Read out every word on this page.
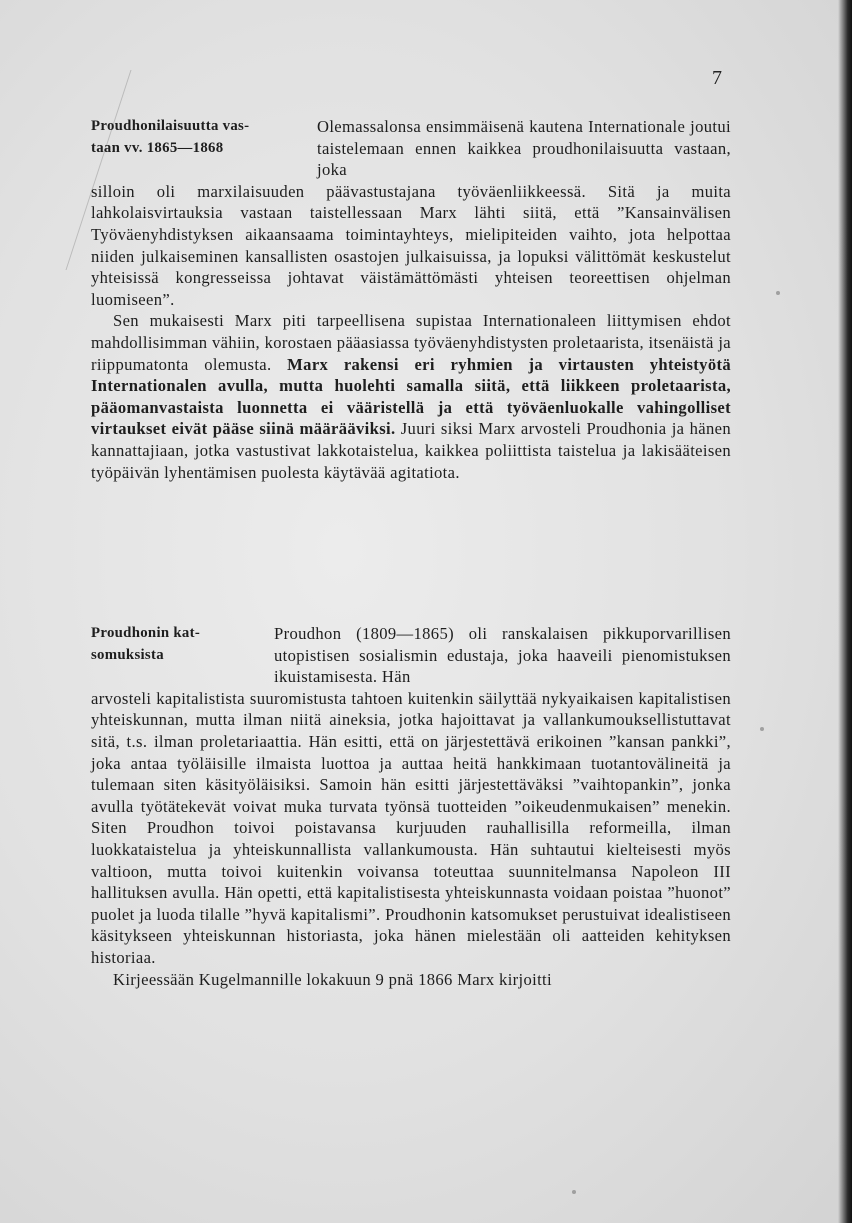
7
Proudhonilaisuutta vas-
taan vv. 1865—1868
Olemassalonsa ensimmäisenä kautena Internationale joutui taistelemaan ennen kaikkea proudhonilaisuutta vastaan, joka

silloin oli marxilaisuuden päävastustajana työväenliikkeessä. Sitä ja muita lahkolaisvirtauksia vastaan taistellessaan Marx lähti siitä, että ”Kansainvälisen Työväenyhdistyksen aikaansaama toimintayhteys, mielipiteiden vaihto, jota helpottaa niiden julkaiseminen kansallisten osastojen julkaisuissa, ja lopuksi välittömät keskustelut yhteisissä kongresseissa johtavat väistämättömästi yhteisen teoreettisen ohjelman luomiseen”.

Sen mukaisesti Marx piti tarpeellisena supistaa Internationaleen liittymisen ehdot mahdollisimman vähiin, korostaen pääasiassa työväenyhdistysten proletaarista, itsenäistä ja riippumatonta olemusta. Marx rakensi eri ryhmien ja virtausten yhteistyötä Internationalen avulla, mutta huolehti samalla siitä, että liikkeen proletaarista, pääomanvastaista luonnetta ei vääristellä ja että työväenluokalle vahingolliset virtaukset eivät pääse siinä määrääviksi. Juuri siksi Marx arvosteli Proudhonia ja hänen kannattajiaan, jotka vastustivat lakkotaistelua, kaikkea poliittista taistelua ja lakisääteisen työpäivän lyhentämisen puolesta käytävää agitatiota.

Proudhonin kat-
somuksista
Proudhon (1809—1865) oli ranskalaisen pikkuporvarillisen utopistisen sosialismin edustaja, joka haaveili pienomistuksen ikuistamisesta. Hän

arvosteli kapitalistista suuromistusta tahtoen kuitenkin säilyttää nykyaikaisen kapitalistisen yhteiskunnan, mutta ilman niitä aineksia, jotka hajoittavat ja vallankumouksellistuttavat sitä, t.s. ilman proletariaattia. Hän esitti, että on järjestettävä erikoinen ”kansan pankki”, joka antaa työläisille ilmaista luottoa ja auttaa heitä hankkimaan tuotantovälineitä ja tulemaan siten käsityöläisiksi. Samoin hän esitti järjestettäväksi ”vaihtopankin”, jonka avulla työtätekevät voivat muka turvata työnsä tuotteiden ”oikeudenmukaisen” menekin. Siten Proudhon toivoi poistavansa kurjuuden rauhallisilla reformeilla, ilman luokkataistelua ja yhteiskunnallista vallankumousta. Hän suhtautui kielteisesti myös valtioon, mutta toivoi kuitenkin voivansa toteuttaa suunnitelmansa Napoleon III hallituksen avulla. Hän opetti, että kapitalistisesta yhteiskunnasta voidaan poistaa ”huonot” puolet ja luoda tilalle ”hyvä kapitalismi”. Proudhonin katsomukset perustuivat idealistiseen käsitykseen yhteiskunnan historiasta, joka hänen mielestään oli aatteiden kehityksen historiaa.

Kirjeessään Kugelmannille lokakuun 9 pnä 1866 Marx kirjoitti
